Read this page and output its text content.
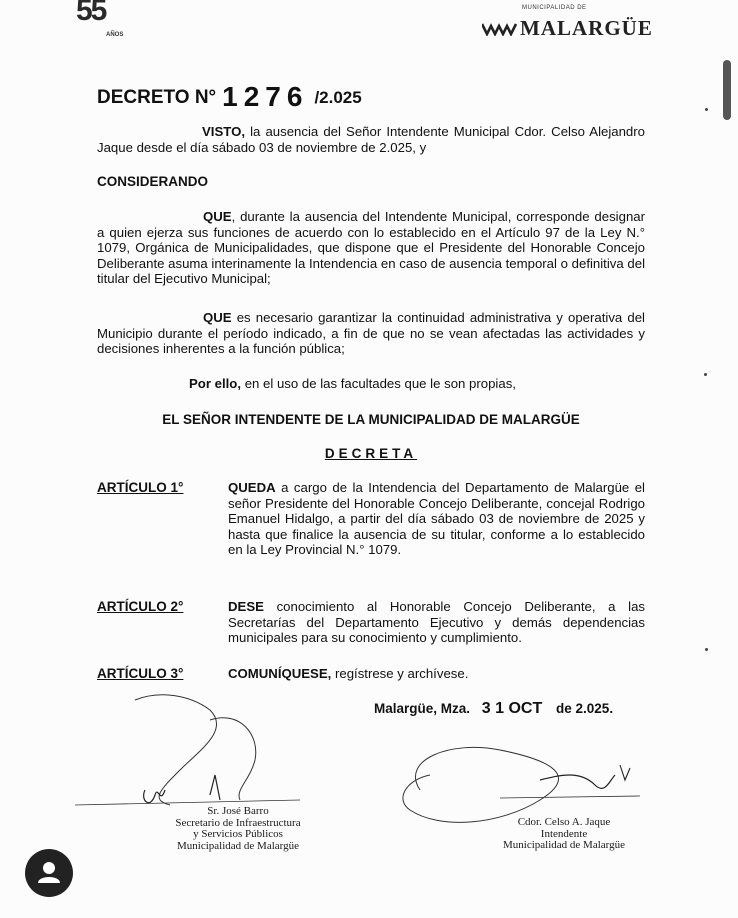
55
AÑOS
MUNICIPALIDAD DE
MALARGÜE
DECRETO N° 1276 /2.025
VISTO, la ausencia del Señor Intendente Municipal Cdor. Celso Alejandro Jaque desde el día sábado 03 de noviembre de 2.025, y
CONSIDERANDO
QUE, durante la ausencia del Intendente Municipal, corresponde designar a quien ejerza sus funciones de acuerdo con lo establecido en el Artículo 97 de la Ley N.° 1079, Orgánica de Municipalidades, que dispone que el Presidente del Honorable Concejo Deliberante asuma interinamente la Intendencia en caso de ausencia temporal o definitiva del titular del Ejecutivo Municipal;
QUE es necesario garantizar la continuidad administrativa y operativa del Municipio durante el período indicado, a fin de que no se vean afectadas las actividades y decisiones inherentes a la función pública;
Por ello, en el uso de las facultades que le son propias,
EL SEÑOR INTENDENTE DE LA MUNICIPALIDAD DE MALARGÜE
DECRETA
ARTÍCULO 1°	QUEDA a cargo de la Intendencia del Departamento de Malargüe el señor Presidente del Honorable Concejo Deliberante, concejal Rodrigo Emanuel Hidalgo, a partir del día sábado 03 de noviembre de 2025 y hasta que finalice la ausencia de su titular, conforme a lo establecido en la Ley Provincial N.° 1079.
ARTÍCULO 2°	DESE conocimiento al Honorable Concejo Deliberante, a las Secretarías del Departamento Ejecutivo y demás dependencias municipales para su conocimiento y cumplimiento.
ARTÍCULO 3°	COMUNÍQUESE, regístrese y archívese.
Malargüe, Mza. 3 1 OCT de 2.025.
Sr. José Barro
Secretario de Infraestructura
y Servicios Públicos
Municipalidad de Malargüe
Cdor. Celso A. Jaque
Intendente
Municipalidad de Malargüe
